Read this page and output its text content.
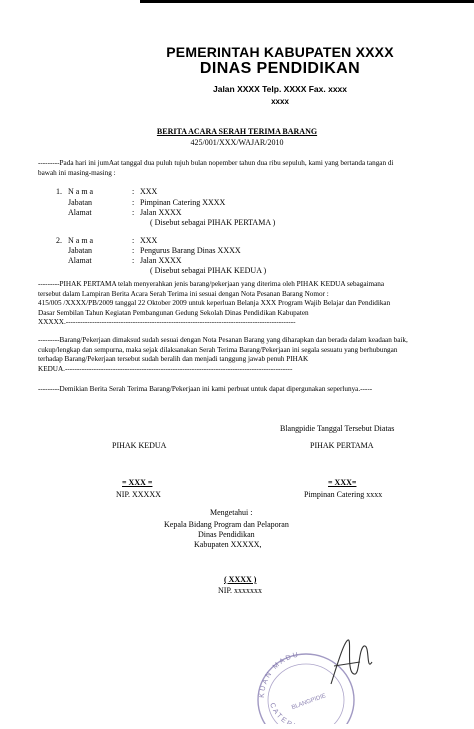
PEMERINTAH KABUPATEN XXXX
DINAS PENDIDIKAN
Jalan XXXX Telp. XXXX Fax. xxxx
xxxx
BERITA ACARA SERAH TERIMA BARANG
425/001/XXX/WAJAR/2010
---------Pada hari ini jumAat tanggal dua puluh tujuh bulan nopember tahun dua ribu sepuluh, kami yang bertanda tangan di
bawah ini masing-masing :
1. N a m a	: XXX
Jabatan	: Pimpinan Catering XXXX
Alamat	: Jalan XXXX
( Disebut sebagai PIHAK PERTAMA )
2. N a m a	: XXX
Jabatan	: Pengurus Barang Dinas XXXX
Alamat	: Jalan XXXX
( Disebut sebagai PIHAK KEDUA )
---------PIHAK PERTAMA telah menyerahkan jenis barang/pekerjaan yang diterima oleh PIHAK KEDUA sebagaimana
tersebut dalam Lampiran Berita Acara Serah Terima ini sesuai dengan Nota Pesanan Barang Nomor :
415/005 /XXXX/PB/2009 tanggal 22 Oktober 2009 untuk keperluan Belanja XXX Program Wajib Belajar dan Pendidikan
Dasar Sembilan Tahun Kegiatan Pembangunan Gedung Sekolah Dinas Pendidikan Kabupaten
XXXXX.------------------------------------------------------------------------------------------------
---------Barang/Pekerjaan dimaksud sudah sesuai dengan Nota Pesanan Barang yang diharapkan dan berada dalam keadaan baik,
cukup/lengkap dan sempurna, maka sejak dilaksanakan Serah Terima Barang/Pekerjaan ini segala sesuatu yang berhubungan
terhadap Barang/Pekerjaan tersebut sudah beralih dan menjadi tanggung jawab penuh PIHAK
KEDUA.-----------------------------------------------------------------------------------------------
---------Demikian Berita Serah Terima Barang/Pekerjaan ini kami perbuat untuk dapat dipergunakan seperlunya.-----
Blangpidie Tanggal Tersebut Diatas
PIHAK KEDUA	PIHAK PERTAMA
= XXX =
NIP. XXXXX
= XXX=
Pimpinan Catering xxxx
Mengetahui :
Kepala Bidang Program dan Pelaporan
Dinas Pendidikan
Kabupaten XXXXX,
( XXXX )
NIP. xxxxxxx
KUAN MADU
CATE
BLANGPIDIE
